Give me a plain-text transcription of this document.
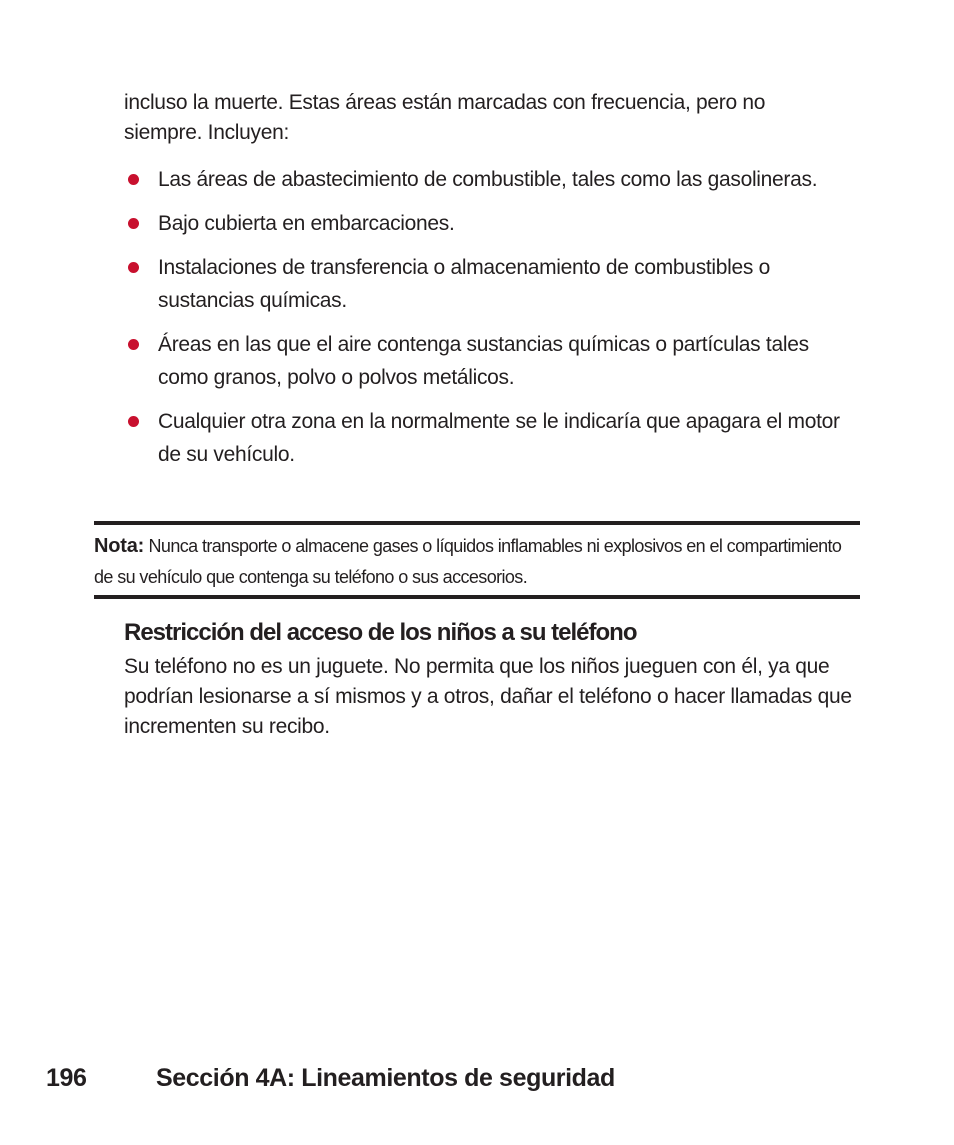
incluso la muerte. Estas áreas están marcadas con frecuencia, pero no siempre. Incluyen:

Las áreas de abastecimiento de combustible, tales como las gasolineras.
Bajo cubierta en embarcaciones.
Instalaciones de transferencia o almacenamiento de combustibles o sustancias químicas.
Áreas en las que el aire contenga sustancias químicas o partículas tales como granos, polvo o polvos metálicos.
Cualquier otra zona en la normalmente se le indicaría que apagara el motor de su vehículo.

Nota: Nunca transporte o almacene gases o líquidos inflamables ni explosivos en el compartimiento de su vehículo que contenga su teléfono o sus accesorios.

Restricción del acceso de los niños a su teléfono

Su teléfono no es un juguete. No permita que los niños jueguen con él, ya que podrían lesionarse a sí mismos y a otros, dañar el teléfono o hacer llamadas que incrementen su recibo.

196	Sección 4A: Lineamientos de seguridad
